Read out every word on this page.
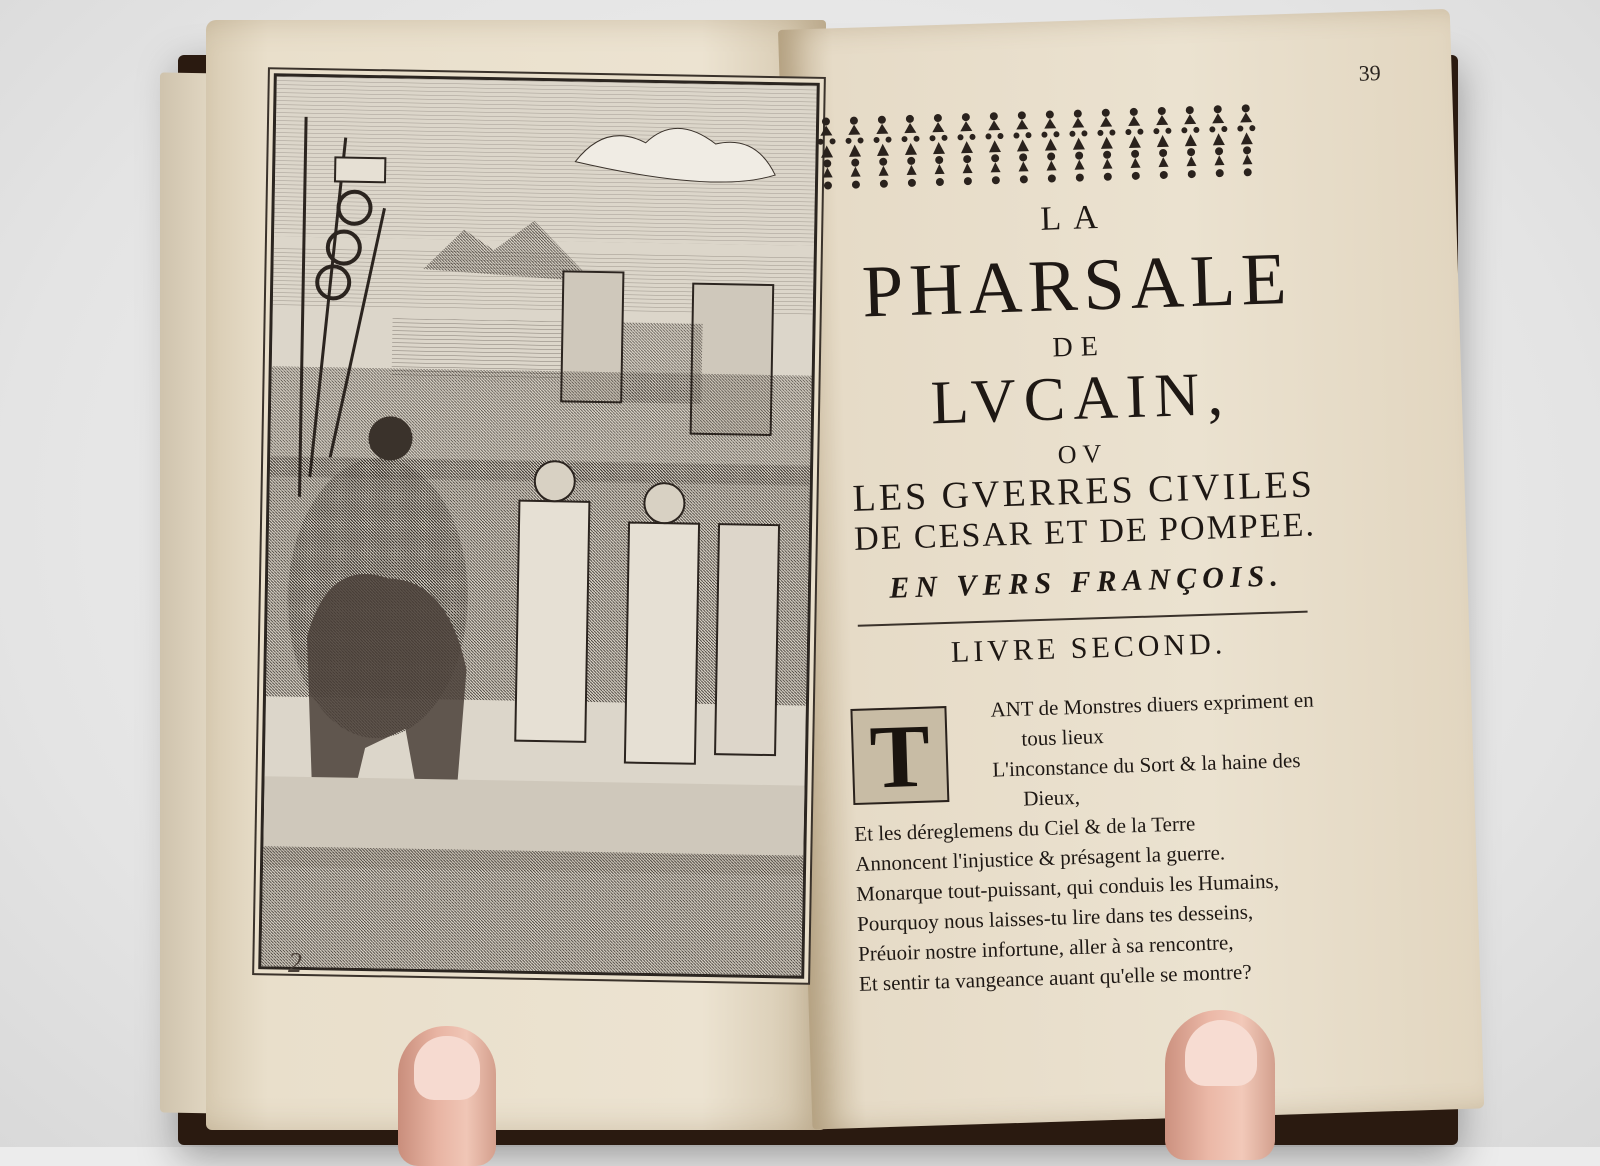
2
39
LA
PHARSALE
DE
LVCAIN,
OV
LES GVERRES CIVILES
DE CESAR ET DE POMPEE.
EN VERS FRANÇOIS.
LIVRE SECOND.
T
ANT de Monstres diuers expriment en
tous lieux
L'inconstance du Sort & la haine des
Dieux,
Et les déreglemens du Ciel & de la Terre
Annoncent l'injustice & présagent la guerre.
Monarque tout-puissant, qui conduis les Humains,
Pourquoy nous laisses-tu lire dans tes desseins,
Préuoir nostre infortune, aller à sa rencontre,
Et sentir ta vangeance auant qu'elle se montre?
